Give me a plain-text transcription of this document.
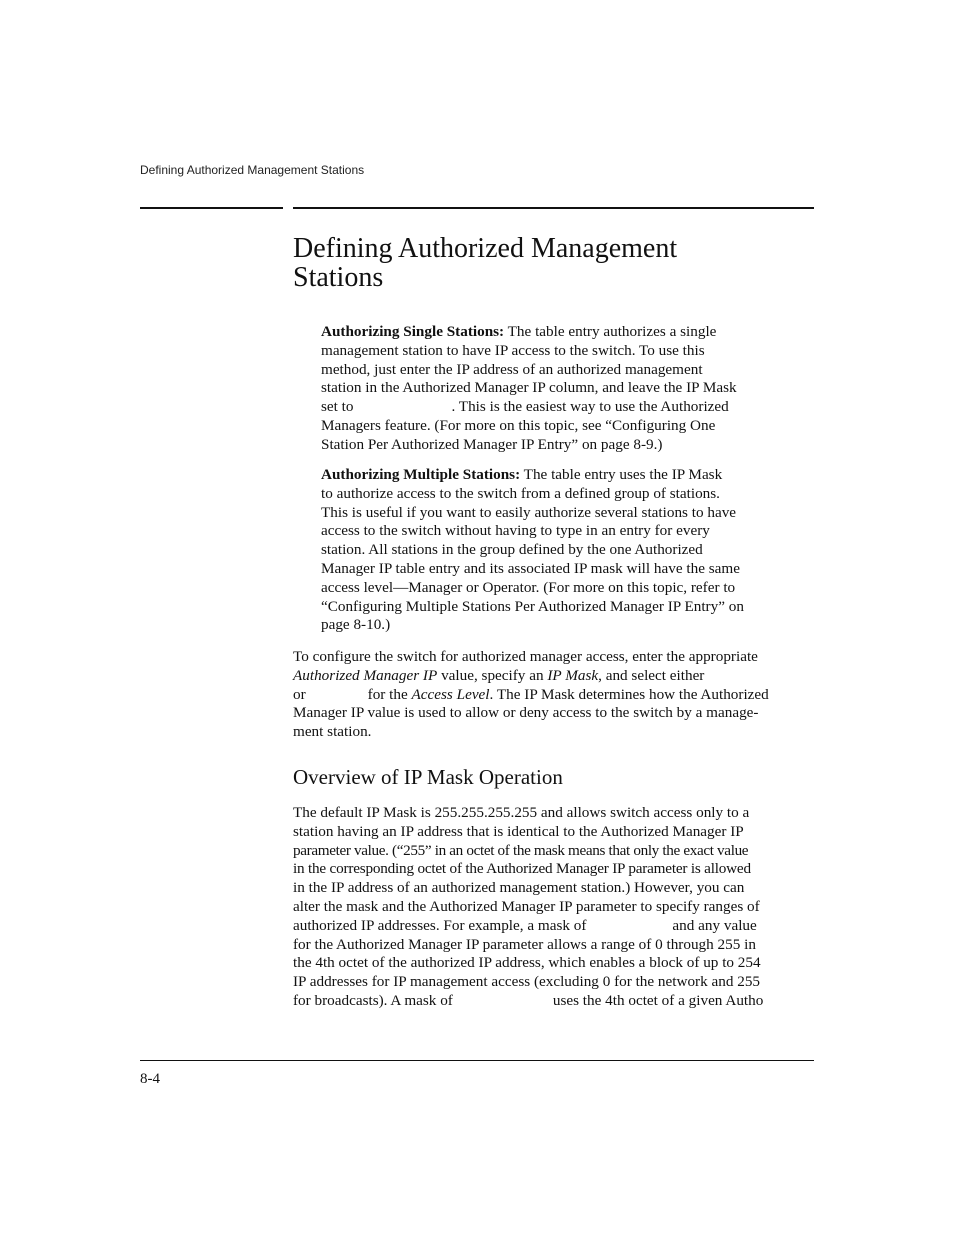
Defining Authorized Management Stations
Defining Authorized Management
Stations
Authorizing Single Stations: The table entry authorizes a single
management station to have IP access to the switch. To use this
method, just enter the IP address of an authorized management
station in the Authorized Manager IP column, and leave the IP Mask
set to	. This is the easiest way to use the Authorized
Managers feature. (For more on this topic, see “Configuring One
Station Per Authorized Manager IP Entry” on page 8-9.)
Authorizing Multiple Stations: The table entry uses the IP Mask
to authorize access to the switch from a defined group of stations.
This is useful if you want to easily authorize several stations to have
access to the switch without having to type in an entry for every
station. All stations in the group defined by the one Authorized
Manager IP table entry and its associated IP mask will have the same
access level—Manager or Operator. (For more on this topic, refer to
“Configuring Multiple Stations Per Authorized Manager IP Entry” on
page 8-10.)
To configure the switch for authorized manager access, enter the appropriate
Authorized Manager IP value, specify an IP Mask, and select either
or	for the Access Level. The IP Mask determines how the Authorized
Manager IP value is used to allow or deny access to the switch by a manage-
ment station.
Overview of IP Mask Operation
The default IP Mask is 255.255.255.255 and allows switch access only to a
station having an IP address that is identical to the Authorized Manager IP
parameter value. (“255” in an octet of the mask means that only the exact value
in the corresponding octet of the Authorized Manager IP parameter is allowed
in the IP address of an authorized management station.) However, you can
alter the mask and the Authorized Manager IP parameter to specify ranges of
authorized IP addresses. For example, a mask of	and any value
for the Authorized Manager IP parameter allows a range of 0 through 255 in
the 4th octet of the authorized IP address, which enables a block of up to 254
IP addresses for IP management access (excluding 0 for the network and 255
for broadcasts). A mask of	uses the 4th octet of a given Autho
8-4
